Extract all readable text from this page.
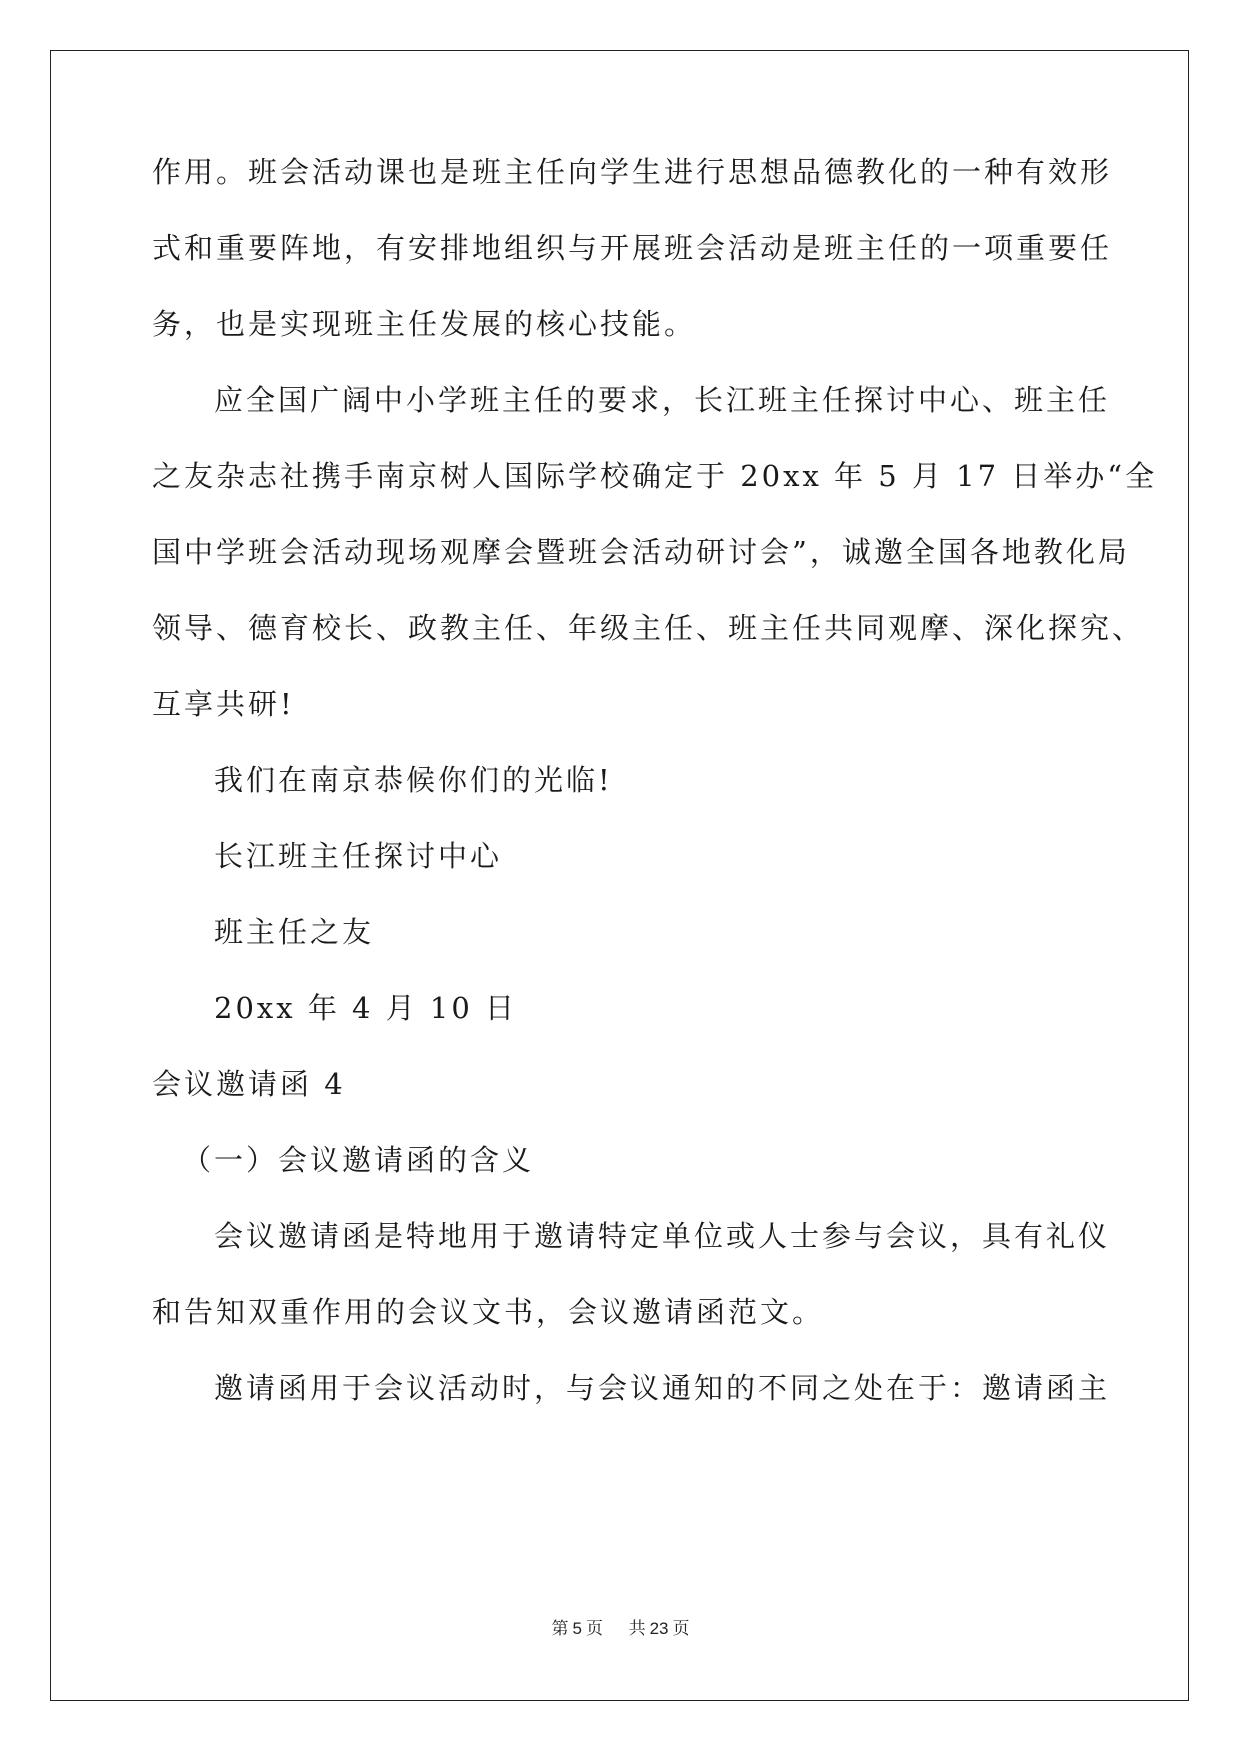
作用。班会活动课也是班主任向学生进行思想品德教化的一种有效形
式和重要阵地，有安排地组织与开展班会活动是班主任的一项重要任
务，也是实现班主任发展的核心技能。
应全国广阔中小学班主任的要求，长江班主任探讨中心、班主任
之友杂志社携手南京树人国际学校确定于 20xx 年 5 月 17 日举办“全
国中学班会活动现场观摩会暨班会活动研讨会”，诚邀全国各地教化局
领导、德育校长、政教主任、年级主任、班主任共同观摩、深化探究、
互享共研!
我们在南京恭候你们的光临!
长江班主任探讨中心
班主任之友
20xx 年 4 月 10 日
会议邀请函 4
（一）会议邀请函的含义
会议邀请函是特地用于邀请特定单位或人士参与会议，具有礼仪
和告知双重作用的会议文书，会议邀请函范文。
邀请函用于会议活动时，与会议通知的不同之处在于：邀请函主
第 5 页 共 23 页
